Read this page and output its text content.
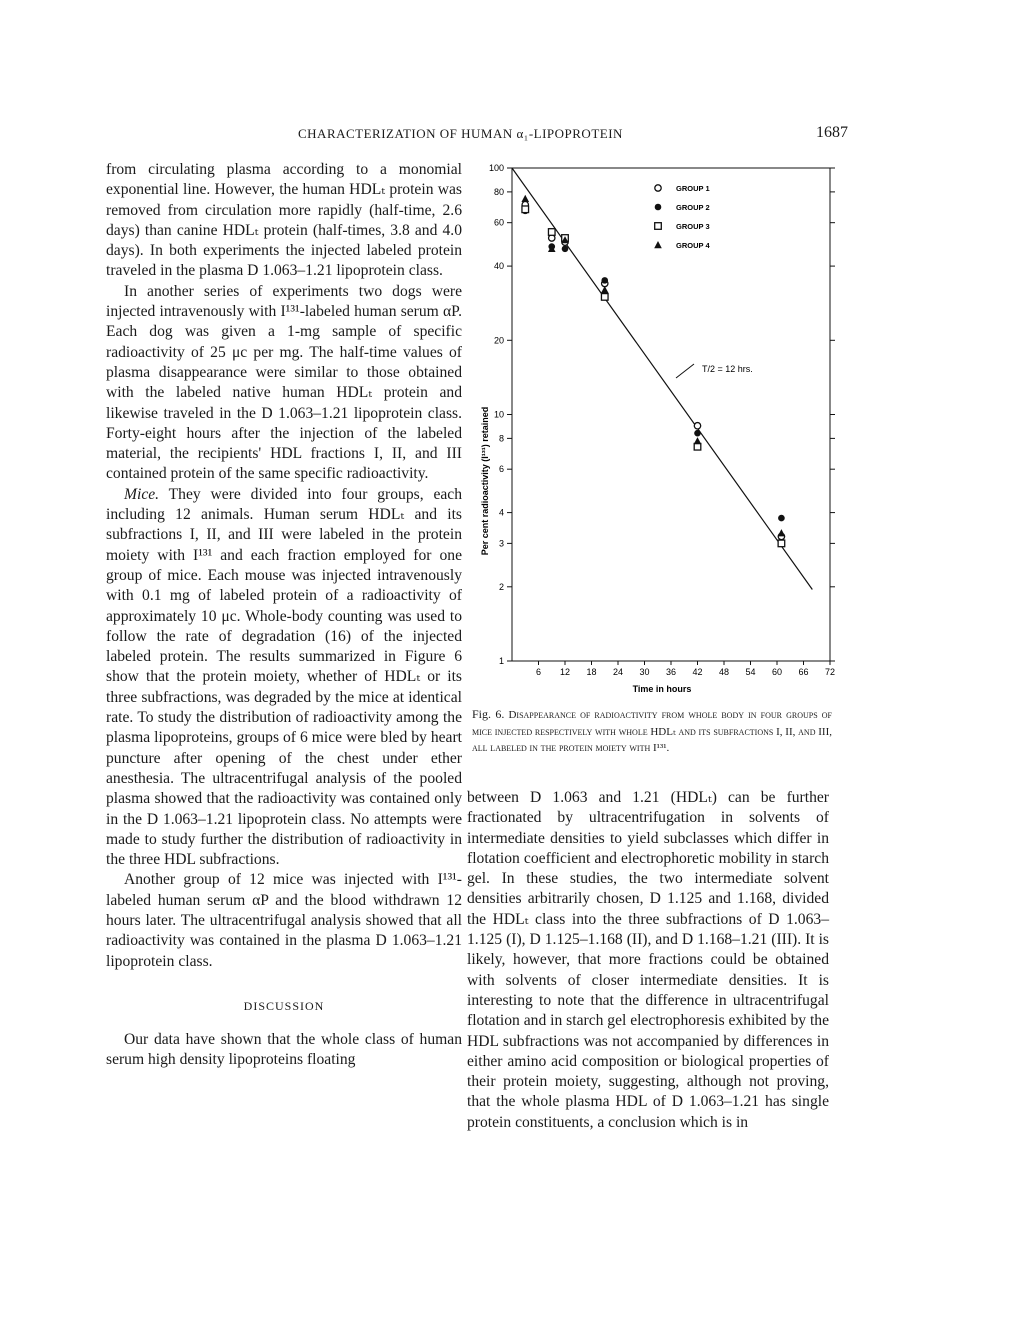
CHARACTERIZATION OF HUMAN α₁-LIPOPROTEIN	1687

from circulating plasma according to a monomial exponential line. However, the human HDLₜ protein was removed from circulation more rapidly (half-time, 2.6 days) than canine HDLₜ protein (half-times, 3.8 and 4.0 days). In both experiments the injected labeled protein traveled in the plasma D 1.063–1.21 lipoprotein class.

In another series of experiments two dogs were injected intravenously with I¹³¹-labeled human serum αP. Each dog was given a 1-mg sample of specific radioactivity of 25 μc per mg. The half-time values of plasma disappearance were similar to those obtained with the labeled native human HDLₜ protein and likewise traveled in the D 1.063–1.21 lipoprotein class. Forty-eight hours after the injection of the labeled material, the recipients' HDL fractions I, II, and III contained protein of the same specific radioactivity.

Mice. They were divided into four groups, each including 12 animals. Human serum HDLₜ and its subfractions I, II, and III were labeled in the protein moiety with I¹³¹ and each fraction employed for one group of mice. Each mouse was injected intravenously with 0.1 mg of labeled protein of a radioactivity of approximately 10 μc. Whole-body counting was used to follow the rate of degradation (16) of the injected labeled protein. The results summarized in Figure 6 show that the protein moiety, whether of HDLₜ or its three subfractions, was degraded by the mice at identical rate. To study the distribution of radioactivity among the plasma lipoproteins, groups of 6 mice were bled by heart puncture after opening of the chest under ether anesthesia. The ultracentrifugal analysis of the pooled plasma showed that the radioactivity was contained only in the D 1.063–1.21 lipoprotein class. No attempts were made to study further the distribution of radioactivity in the three HDL subfractions.

Another group of 12 mice was injected with I¹³¹-labeled human serum αP and the blood withdrawn 12 hours later. The ultracentrifugal analysis showed that all radioactivity was contained in the plasma D 1.063–1.21 lipoprotein class.

DISCUSSION

Our data have shown that the whole class of human serum high density lipoproteins floating

1
2
3
4
6
8
10
20
40
60
80
100
6 12 18 24 30 36 42 48 54 60 66 72
GROUP 1
GROUP 2
GROUP 3
GROUP 4
Time in hours
Per cent radioactivity (I¹³¹) retained
T/2 = 12 hrs.
Fig. 6. Disappearance of radioactivity from whole body in four groups of mice injected respectively with whole HDLₜ and its subfractions I, II, and III, all labeled in the protein moiety with I¹³¹.

between D 1.063 and 1.21 (HDLₜ) can be further fractionated by ultracentrifugation in solvents of intermediate densities to yield subclasses which differ in flotation coefficient and electrophoretic mobility in starch gel. In these studies, the two intermediate solvent densities arbitrarily chosen, D 1.125 and 1.168, divided the HDLₜ class into the three subfractions of D 1.063–1.125 (I), D 1.125–1.168 (II), and D 1.168–1.21 (III). It is likely, however, that more fractions could be obtained with solvents of closer intermediate densities. It is interesting to note that the difference in ultracentrifugal flotation and in starch gel electrophoresis exhibited by the HDL subfractions was not accompanied by differences in either amino acid composition or biological properties of their protein moiety, suggesting, although not proving, that the whole plasma HDL of D 1.063–1.21 has single protein constituents, a conclusion which is in
